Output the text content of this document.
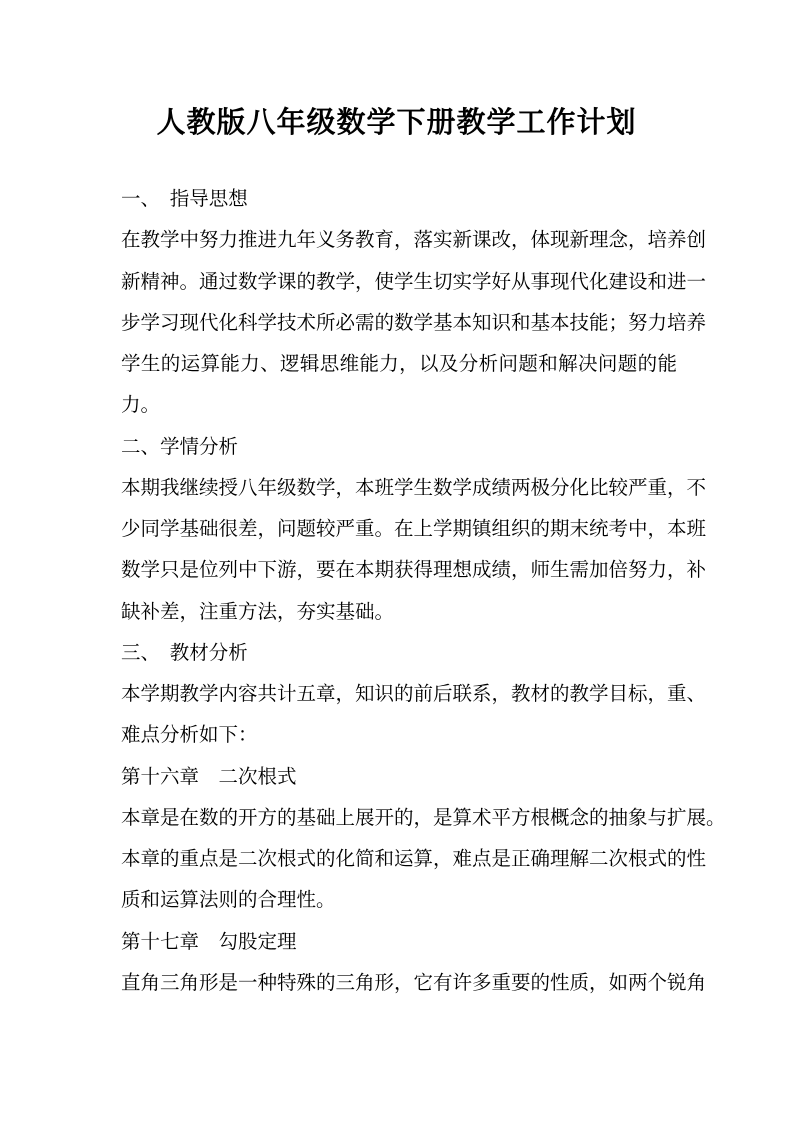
人教版八年级数学下册教学工作计划
一、　指导思想
在教学中努力推进九年义务教育，落实新课改，体现新理念，培养创
新精神。通过数学课的教学，使学生切实学好从事现代化建设和进一
步学习现代化科学技术所必需的数学基本知识和基本技能；努力培养
学生的运算能力、逻辑思维能力，以及分析问题和解决问题的能
力。
二、学情分析
本期我继续授八年级数学，本班学生数学成绩两极分化比较严重，不
少同学基础很差，问题较严重。在上学期镇组织的期末统考中，本班
数学只是位列中下游，要在本期获得理想成绩，师生需加倍努力，补
缺补差，注重方法，夯实基础。
三、　教材分析
本学期教学内容共计五章，知识的前后联系，教材的教学目标，重、
难点分析如下：
第十六章　二次根式
本章是在数的开方的基础上展开的，是算术平方根概念的抽象与扩展。
本章的重点是二次根式的化简和运算，难点是正确理解二次根式的性
质和运算法则的合理性。
第十七章　勾股定理
直角三角形是一种特殊的三角形，它有许多重要的性质，如两个锐角
